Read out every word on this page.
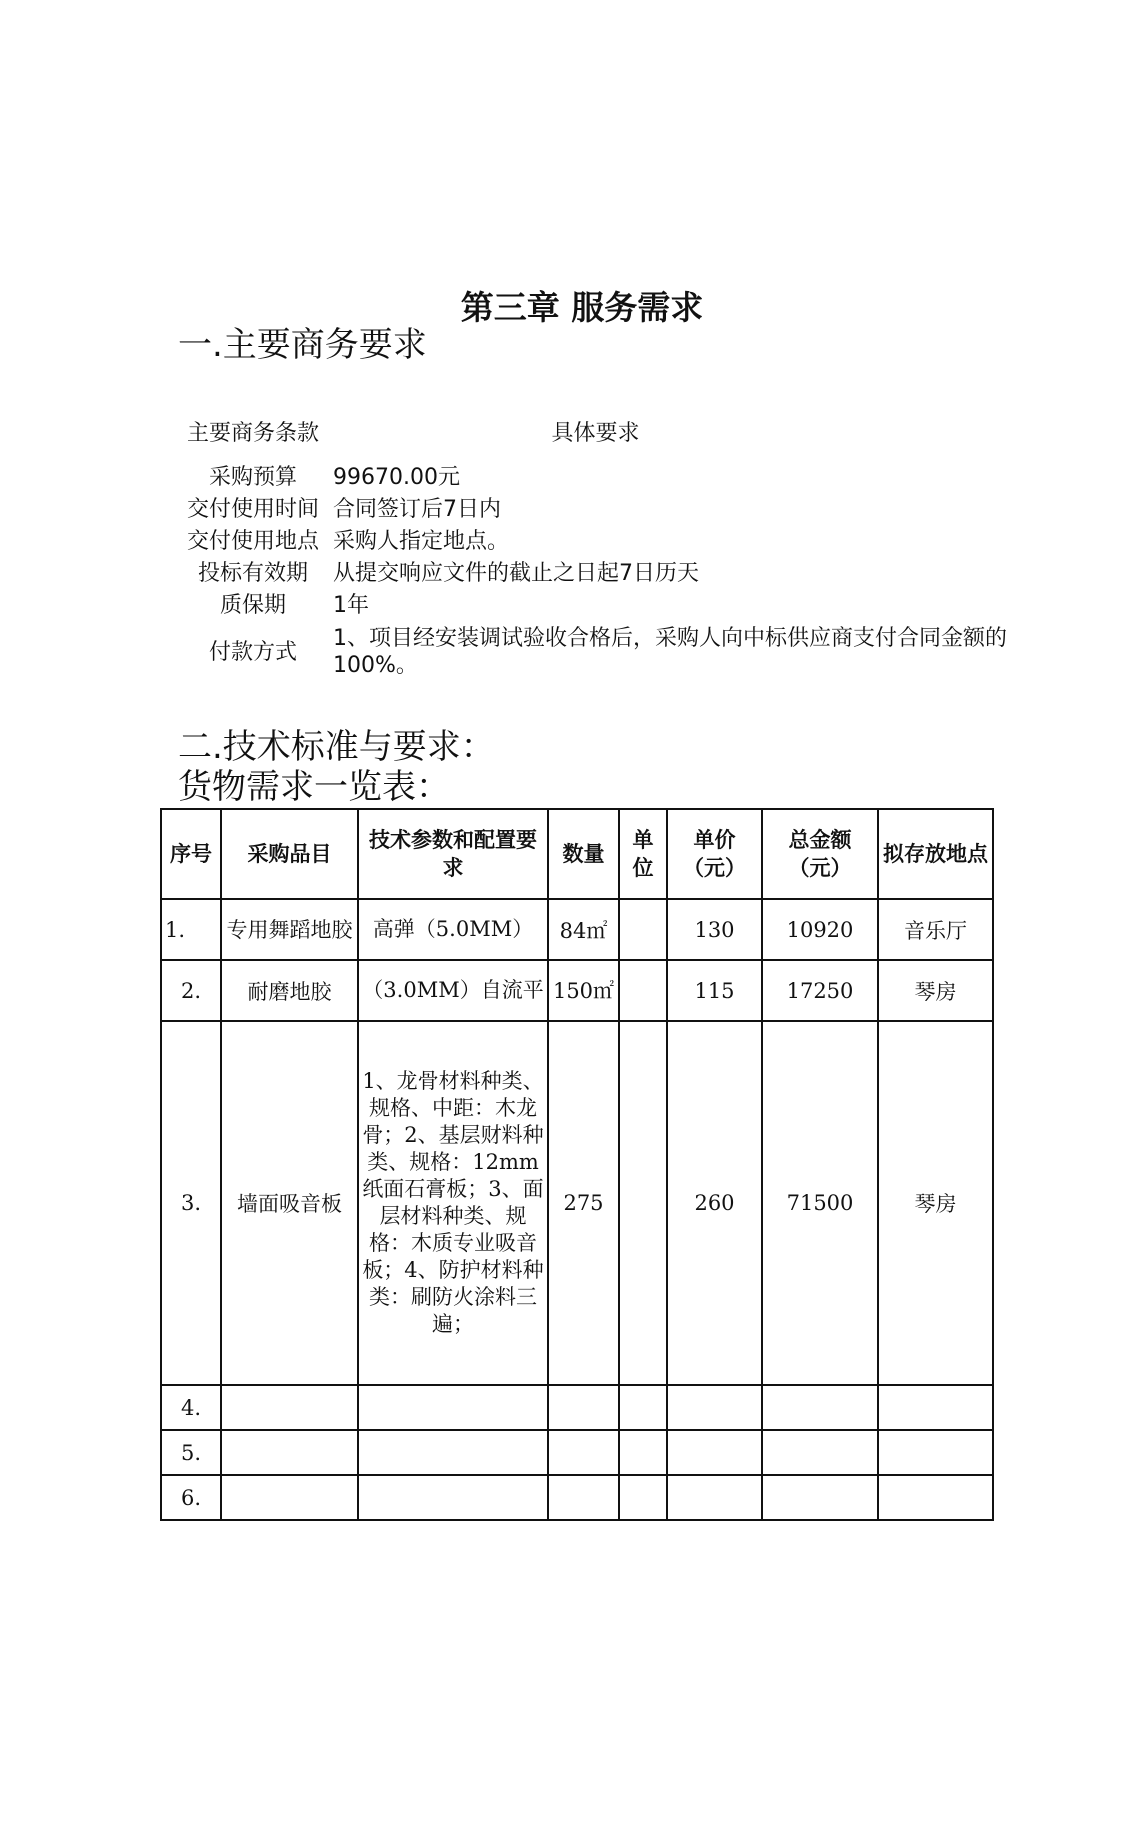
第三章 服务需求
一.主要商务要求
主要商务条款	具体要求
采购预算	99670.00元
交付使用时间 合同签订后7日内
交付使用地点 采购人指定地点。
投标有效期	从提交响应文件的截止之日起7日历天
质保期	1年
付款方式
1、项目经安装调试验收合格后，采购人向中标供应商支付合同金额的100%。
二.技术标准与要求：
货物需求一览表：
序号	采购品目	技术参数和配置要求	数量	单位	单价（元）	总金额（元）	拟存放地点
1.	专用舞蹈地胶	高弹（5.0MM）	84㎡		130	10920	音乐厅
2.	耐磨地胶	（3.0MM）自流平	150㎡		115	17250	琴房
3.	墙面吸音板	1、龙骨材料种类、规格、中距：木龙骨；2、基层财料种类、规格：12mm纸面石膏板；3、面层材料种类、规格：木质专业吸音板；4、防护材料种类：刷防火涂料三遍；	275		260	71500	琴房
4.							
5.							
6.							
